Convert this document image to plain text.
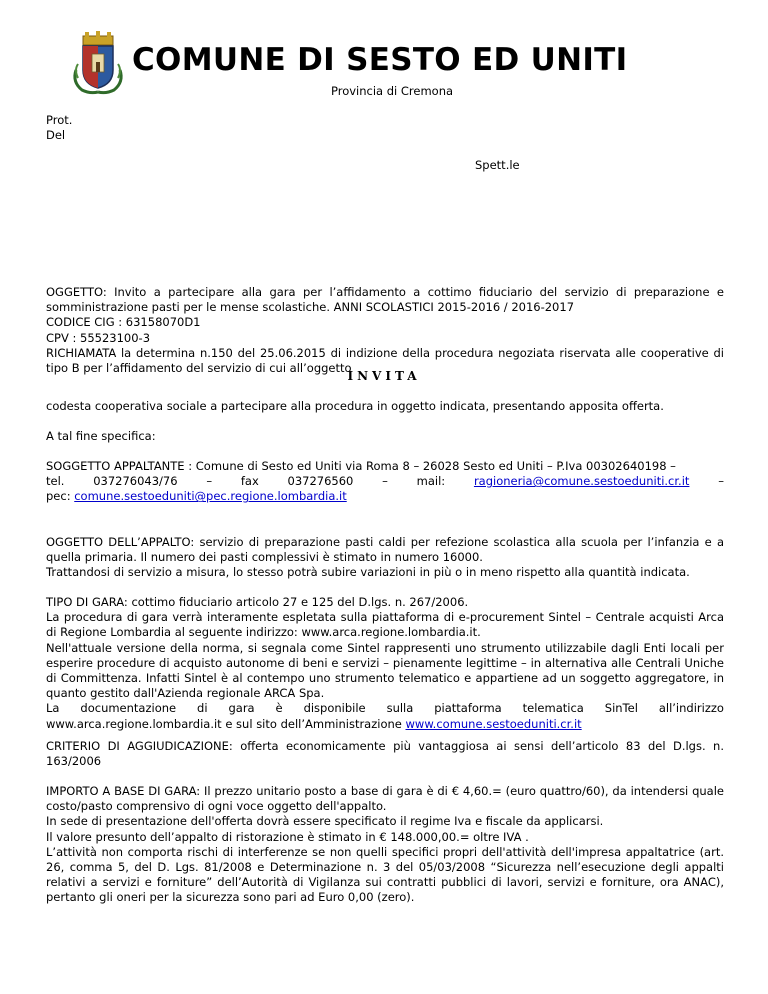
COMUNE DI SESTO ED UNITI
Provincia di Cremona
Prot.
Del
Spett.le

OGGETTO: Invito a partecipare alla gara per l’affidamento a cottimo fiduciario del servizio di preparazione e somministrazione pasti per le mense scolastiche. ANNI SCOLASTICI 2015-2016 / 2016-2017

CODICE CIG : 63158070D1

CPV : 55523100-3

RICHIAMATA la determina n.150 del 25.06.2015 di indizione della procedura negoziata riservata alle cooperative di tipo B per l’affidamento del servizio di cui all’oggetto

INVITA

codesta cooperativa sociale a partecipare alla procedura in oggetto indicata, presentando apposita offerta.

A tal fine specifica:

SOGGETTO APPALTANTE : Comune di Sesto ed Uniti via Roma 8 – 26028 Sesto ed Uniti – P.Iva 00302640198 –

tel.	037276043/76	–	fax	037276560	–	mail:	ragioneria@comune.sestoeduniti.cr.it	–

pec: comune.sestoeduniti@pec.regione.lombardia.it

OGGETTO DELL’APPALTO: servizio di preparazione pasti caldi per refezione scolastica alla scuola per l’infanzia e a quella primaria. Il numero dei pasti complessivi è stimato in numero 16000.

Trattandosi di servizio a misura, lo stesso potrà subire variazioni in più o in meno rispetto alla quantità indicata.

TIPO DI GARA: cottimo fiduciario articolo 27 e 125 del D.lgs. n. 267/2006.

La procedura di gara verrà interamente espletata sulla piattaforma di e-procurement Sintel – Centrale acquisti Arca di Regione Lombardia al seguente indirizzo: www.arca.regione.lombardia.it.

Nell'attuale versione della norma, si segnala come Sintel rappresenti uno strumento utilizzabile dagli Enti locali per esperire procedure di acquisto autonome di beni e servizi – pienamente legittime – in alternativa alle Centrali Uniche di Committenza. Infatti Sintel è al contempo uno strumento telematico e appartiene ad un soggetto aggregatore, in quanto gestito dall'Azienda regionale ARCA Spa.

La documentazione di gara è disponibile sulla piattaforma telematica SinTel all’indirizzo

www.arca.regione.lombardia.it e sul sito dell’Amministrazione www.comune.sestoeduniti.cr.it

CRITERIO DI AGGIUDICAZIONE: offerta economicamente più vantaggiosa ai sensi dell’articolo 83 del D.lgs. n. 163/2006

IMPORTO A BASE DI GARA: Il prezzo unitario posto a base di gara è di € 4,60.= (euro quattro/60), da intendersi quale costo/pasto comprensivo di ogni voce oggetto dell'appalto.

In sede di presentazione dell'offerta dovrà essere specificato il regime Iva e fiscale da applicarsi.

Il valore presunto dell’appalto di ristorazione è stimato in € 148.000,00.= oltre IVA .

L’attività non comporta rischi di interferenze se non quelli specifici propri dell'attività dell'impresa appaltatrice (art. 26, comma 5, del D. Lgs. 81/2008 e Determinazione n. 3 del 05/03/2008 “Sicurezza nell’esecuzione degli appalti relativi a servizi e forniture” dell’Autorità di Vigilanza sui contratti pubblici di lavori, servizi e forniture, ora ANAC), pertanto gli oneri per la sicurezza sono pari ad Euro 0,00 (zero).
